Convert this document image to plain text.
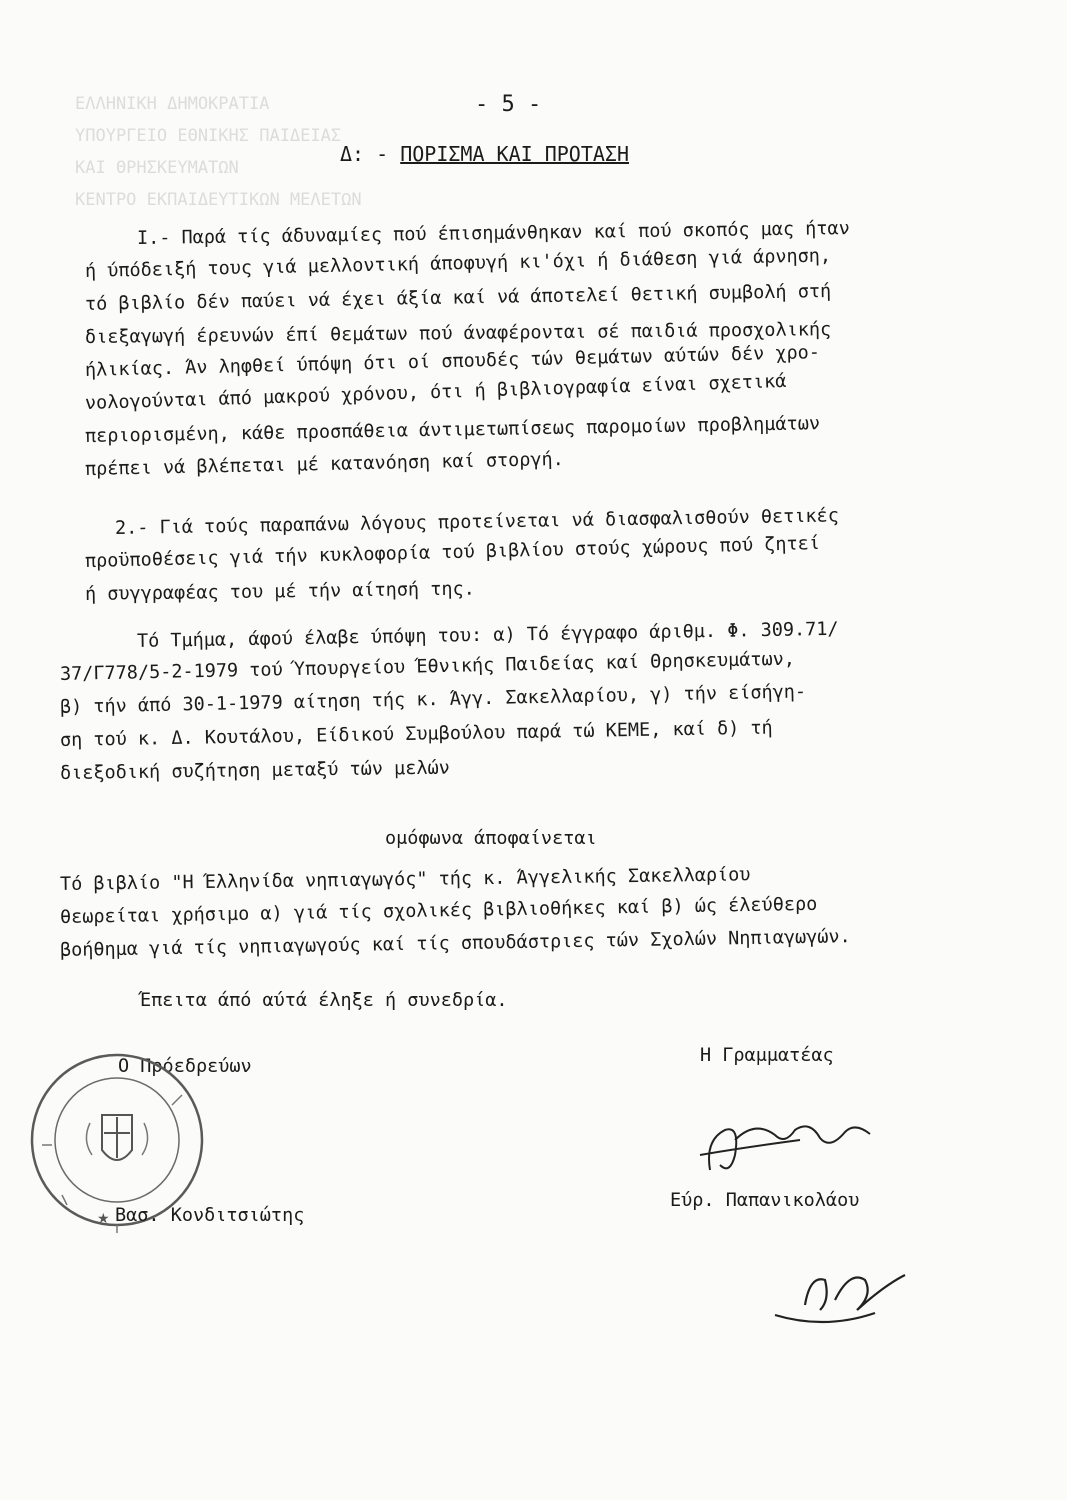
ΕΛΛΗΝΙΚΗ ΔΗΜΟΚΡΑΤΙΑ
ΥΠΟΥΡΓΕΙΟ ΕΘΝΙΚΗΣ ΠΑΙΔΕΙΑΣ
ΚΑΙ ΘΡΗΣΚΕΥΜΑΤΩΝ
ΚΕΝΤΡΟ ΕΚΠΑΙΔΕΥΤΙΚΩΝ ΜΕΛΕΤΩΝ
- 5 -
Δ: - ΠΟΡΙΣΜΑ ΚΑΙ ΠΡΟΤΑΣΗ
Ι.- Παρά τίς άδυναμίες πού έπισημάνθηκαν καί πού σκοπός μας ήταν
ή ύπόδειξή τους γιά μελλοντική άποφυγή κι'όχι ή διάθεση γιά άρνηση,
τό βιβλίο δέν παύει νά έχει άξία καί νά άποτελεί θετική συμβολή στή
διεξαγωγή έρευνών έπί θεμάτων πού άναφέρονται σέ παιδιά προσχολικής
ήλικίας. Άν ληφθεί ύπόψη ότι οί σπουδές τών θεμάτων αύτών δέν χρο-
νολογούνται άπό μακρού χρόνου, ότι ή βιβλιογραφία είναι σχετικά
περιορισμένη, κάθε προσπάθεια άντιμετωπίσεως παρομοίων προβλημάτων
πρέπει νά βλέπεται μέ κατανόηση καί στοργή.
2.- Γιά τούς παραπάνω λόγους προτείνεται νά διασφαλισθούν θετικές
προϋποθέσεις γιά τήν κυκλοφορία τού βιβλίου στούς χώρους πού ζητεί
ή συγγραφέας του μέ τήν αίτησή της.
Τό Τμήμα, άφού έλαβε ύπόψη του: α) Τό έγγραφο άριθμ. Φ. 309.71/
37/Γ778/5-2-1979 τού Ύπουργείου Έθνικής Παιδείας καί Θρησκευμάτων,
β) τήν άπό 30-1-1979 αίτηση τής κ. Άγγ. Σακελλαρίου, γ) τήν είσήγη-
ση τού κ. Δ. Κουτάλου, Είδικού Συμβούλου παρά τώ ΚΕΜΕ, καί δ) τή
διεξοδική συζήτηση μεταξύ τών μελών
ομόφωνα άποφαίνεται
Τό βιβλίο "Η Έλληνίδα νηπιαγωγός" τής κ. Άγγελικής Σακελλαρίου
θεωρείται χρήσιμο α) γιά τίς σχολικές βιβλιοθήκες καί β) ώς έλεύθερο
βοήθημα γιά τίς νηπιαγωγούς καί τίς σπουδάστριες τών Σχολών Νηπιαγωγών.
Έπειτα άπό αύτά έληξε ή συνεδρία.
Ο Πρόεδρεύων
Η Γραμματέας
★ Βασ. Κονδιτσιώτης
Εύρ. Παπανικολάου
